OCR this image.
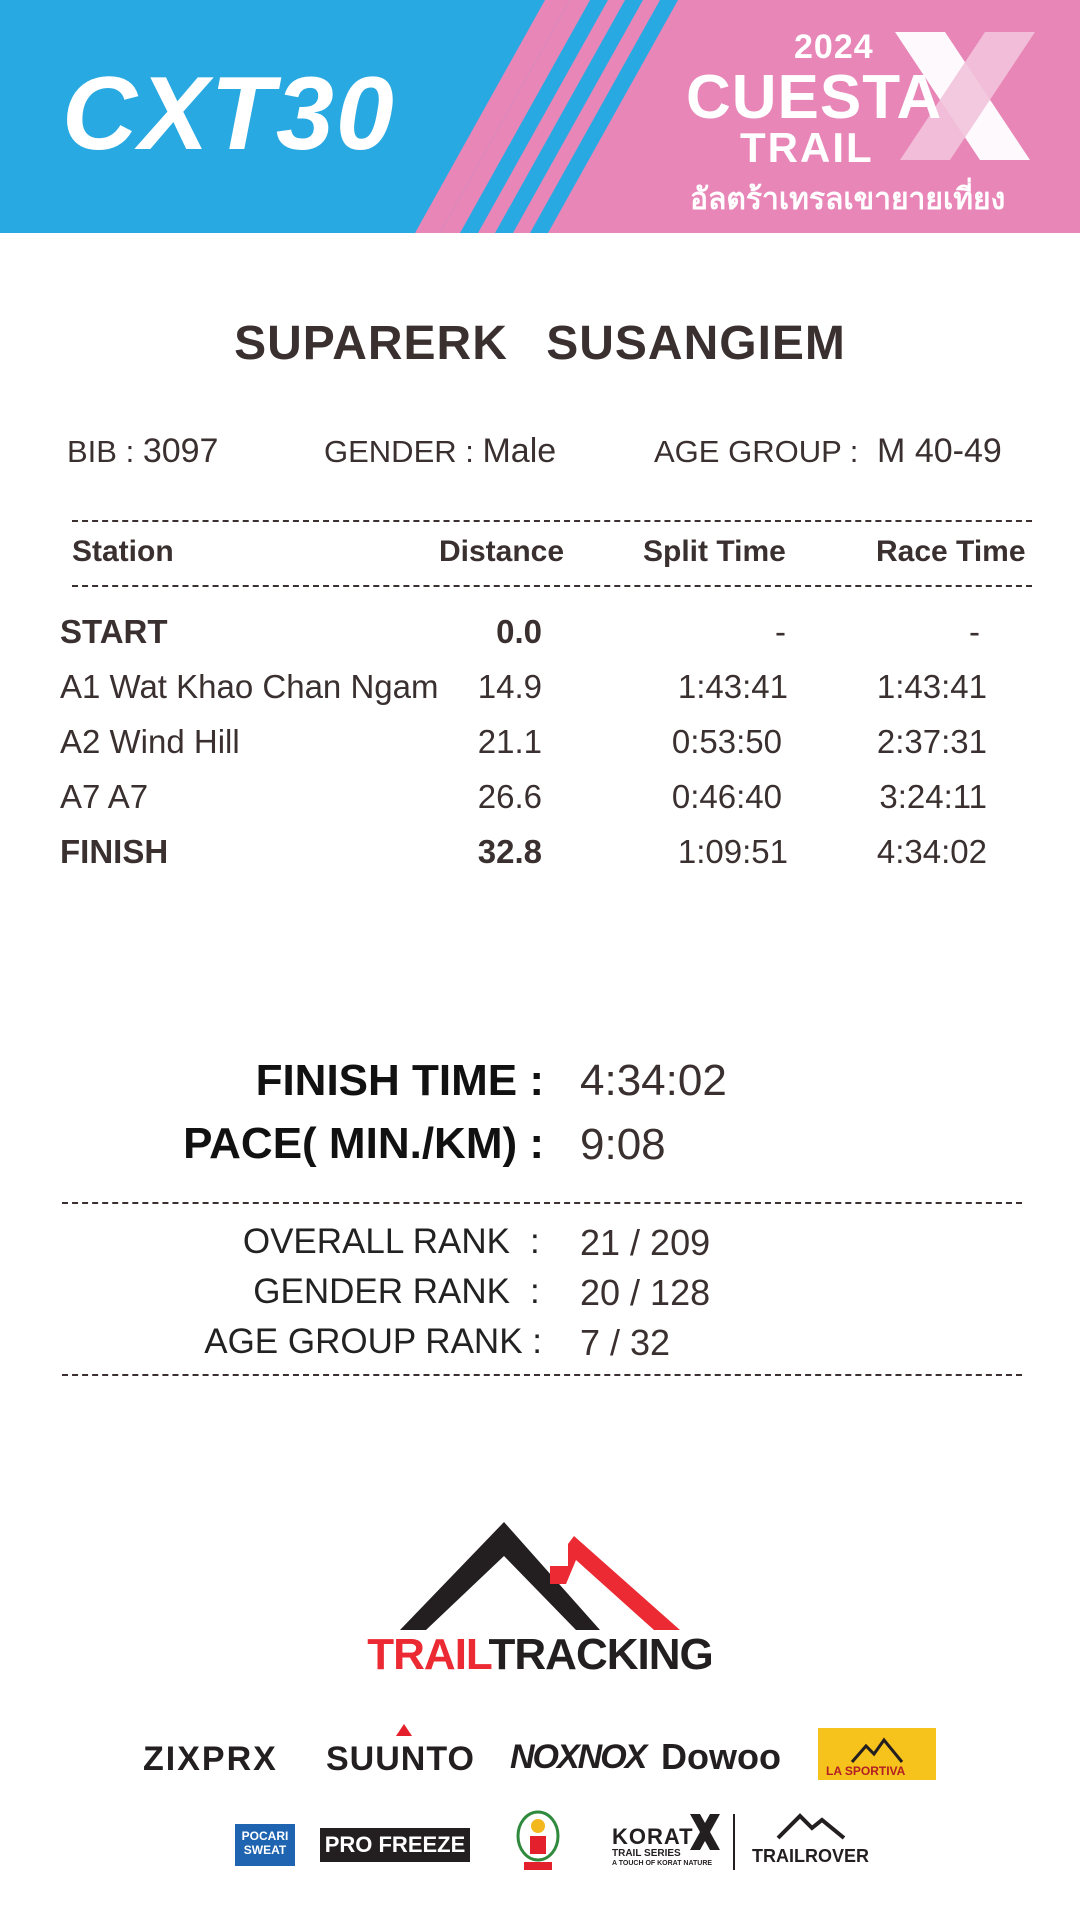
CXT30
2024
CUESTA
TRAIL
อัลตร้าเทรลเขายายเที่ยง
SUPARERK SUSANGIEM
BIB : 3097	GENDER : Male	AGE GROUP : M 40-49
Station	Distance	Split Time	Race Time
START	0.0	-	-
A1 Wat Khao Chan Ngam 14.9	1:43:41	1:43:41
A2 Wind Hill	21.1	0:53:50	2:37:31
A7 A7	26.6	0:46:40	3:24:11
FINISH	32.8	1:09:51	4:34:02
FINISH TIME : 4:34:02
PACE( MIN./KM) : 9:08
OVERALL RANK : 21 / 209
GENDER RANK : 20 / 128
AGE GROUP RANK : 7 / 32
TRAILTRACKING
ZIXPRX SUUNTO NOXNOX Dowoo	LA SPORTIVA
POCARI SWEAT	PRO FREEZE	KORAT
TRAIL SERIES
A TOUCH OF KORAT NATURE TRAILROVER
